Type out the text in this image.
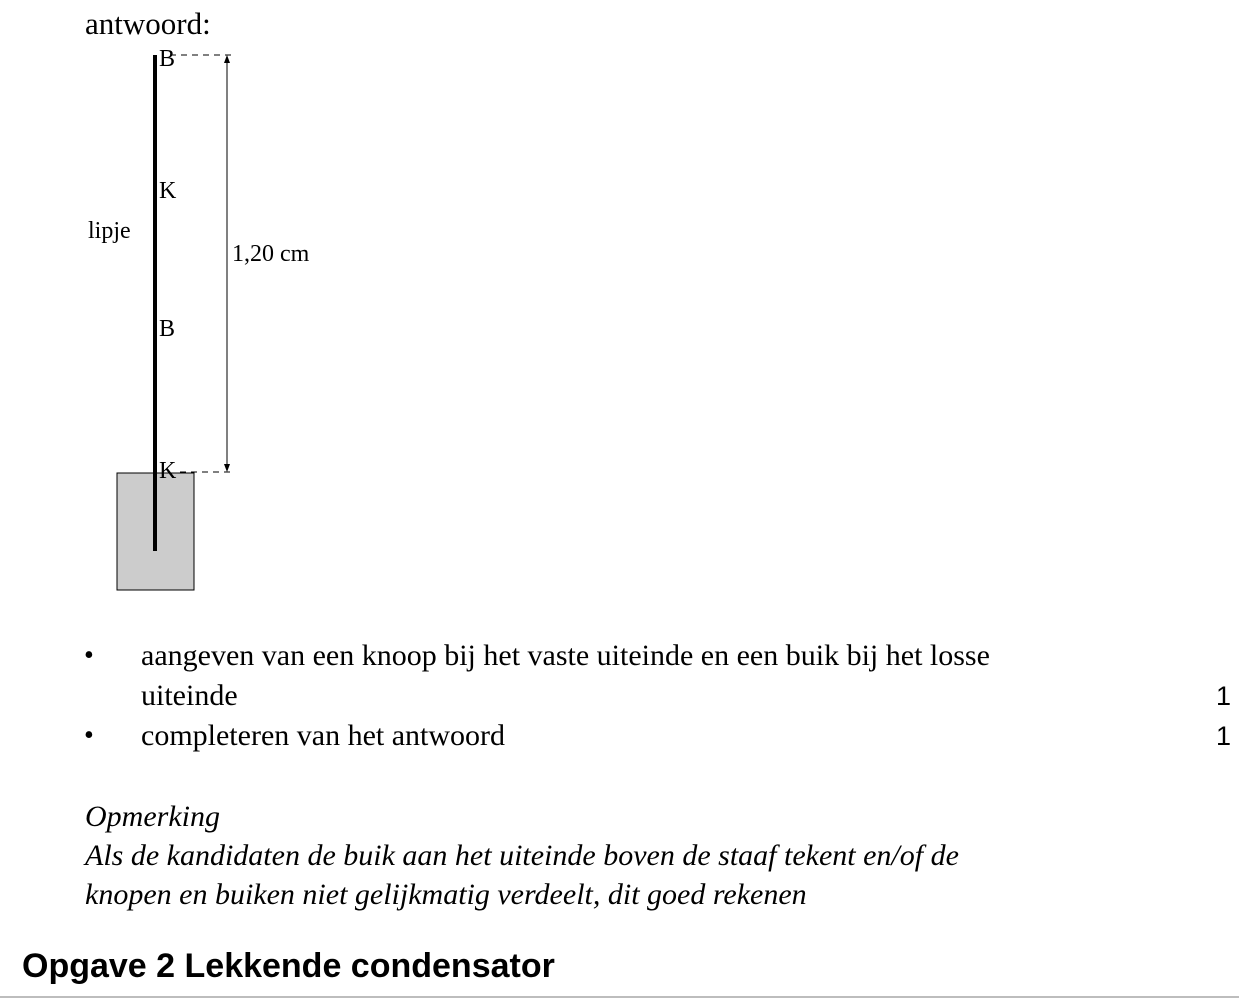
antwoord:
B
K
B
K
lipje
1,20 cm
• aangeven van een knoop bij het vaste uiteinde en een buik bij het losse
uiteinde	1
• completeren van het antwoord	1
Opmerking
Als de kandidaten de buik aan het uiteinde boven de staaf tekent en/of de
knopen en buiken niet gelijkmatig verdeelt, dit goed rekenen
Opgave 2 Lekkende condensator
